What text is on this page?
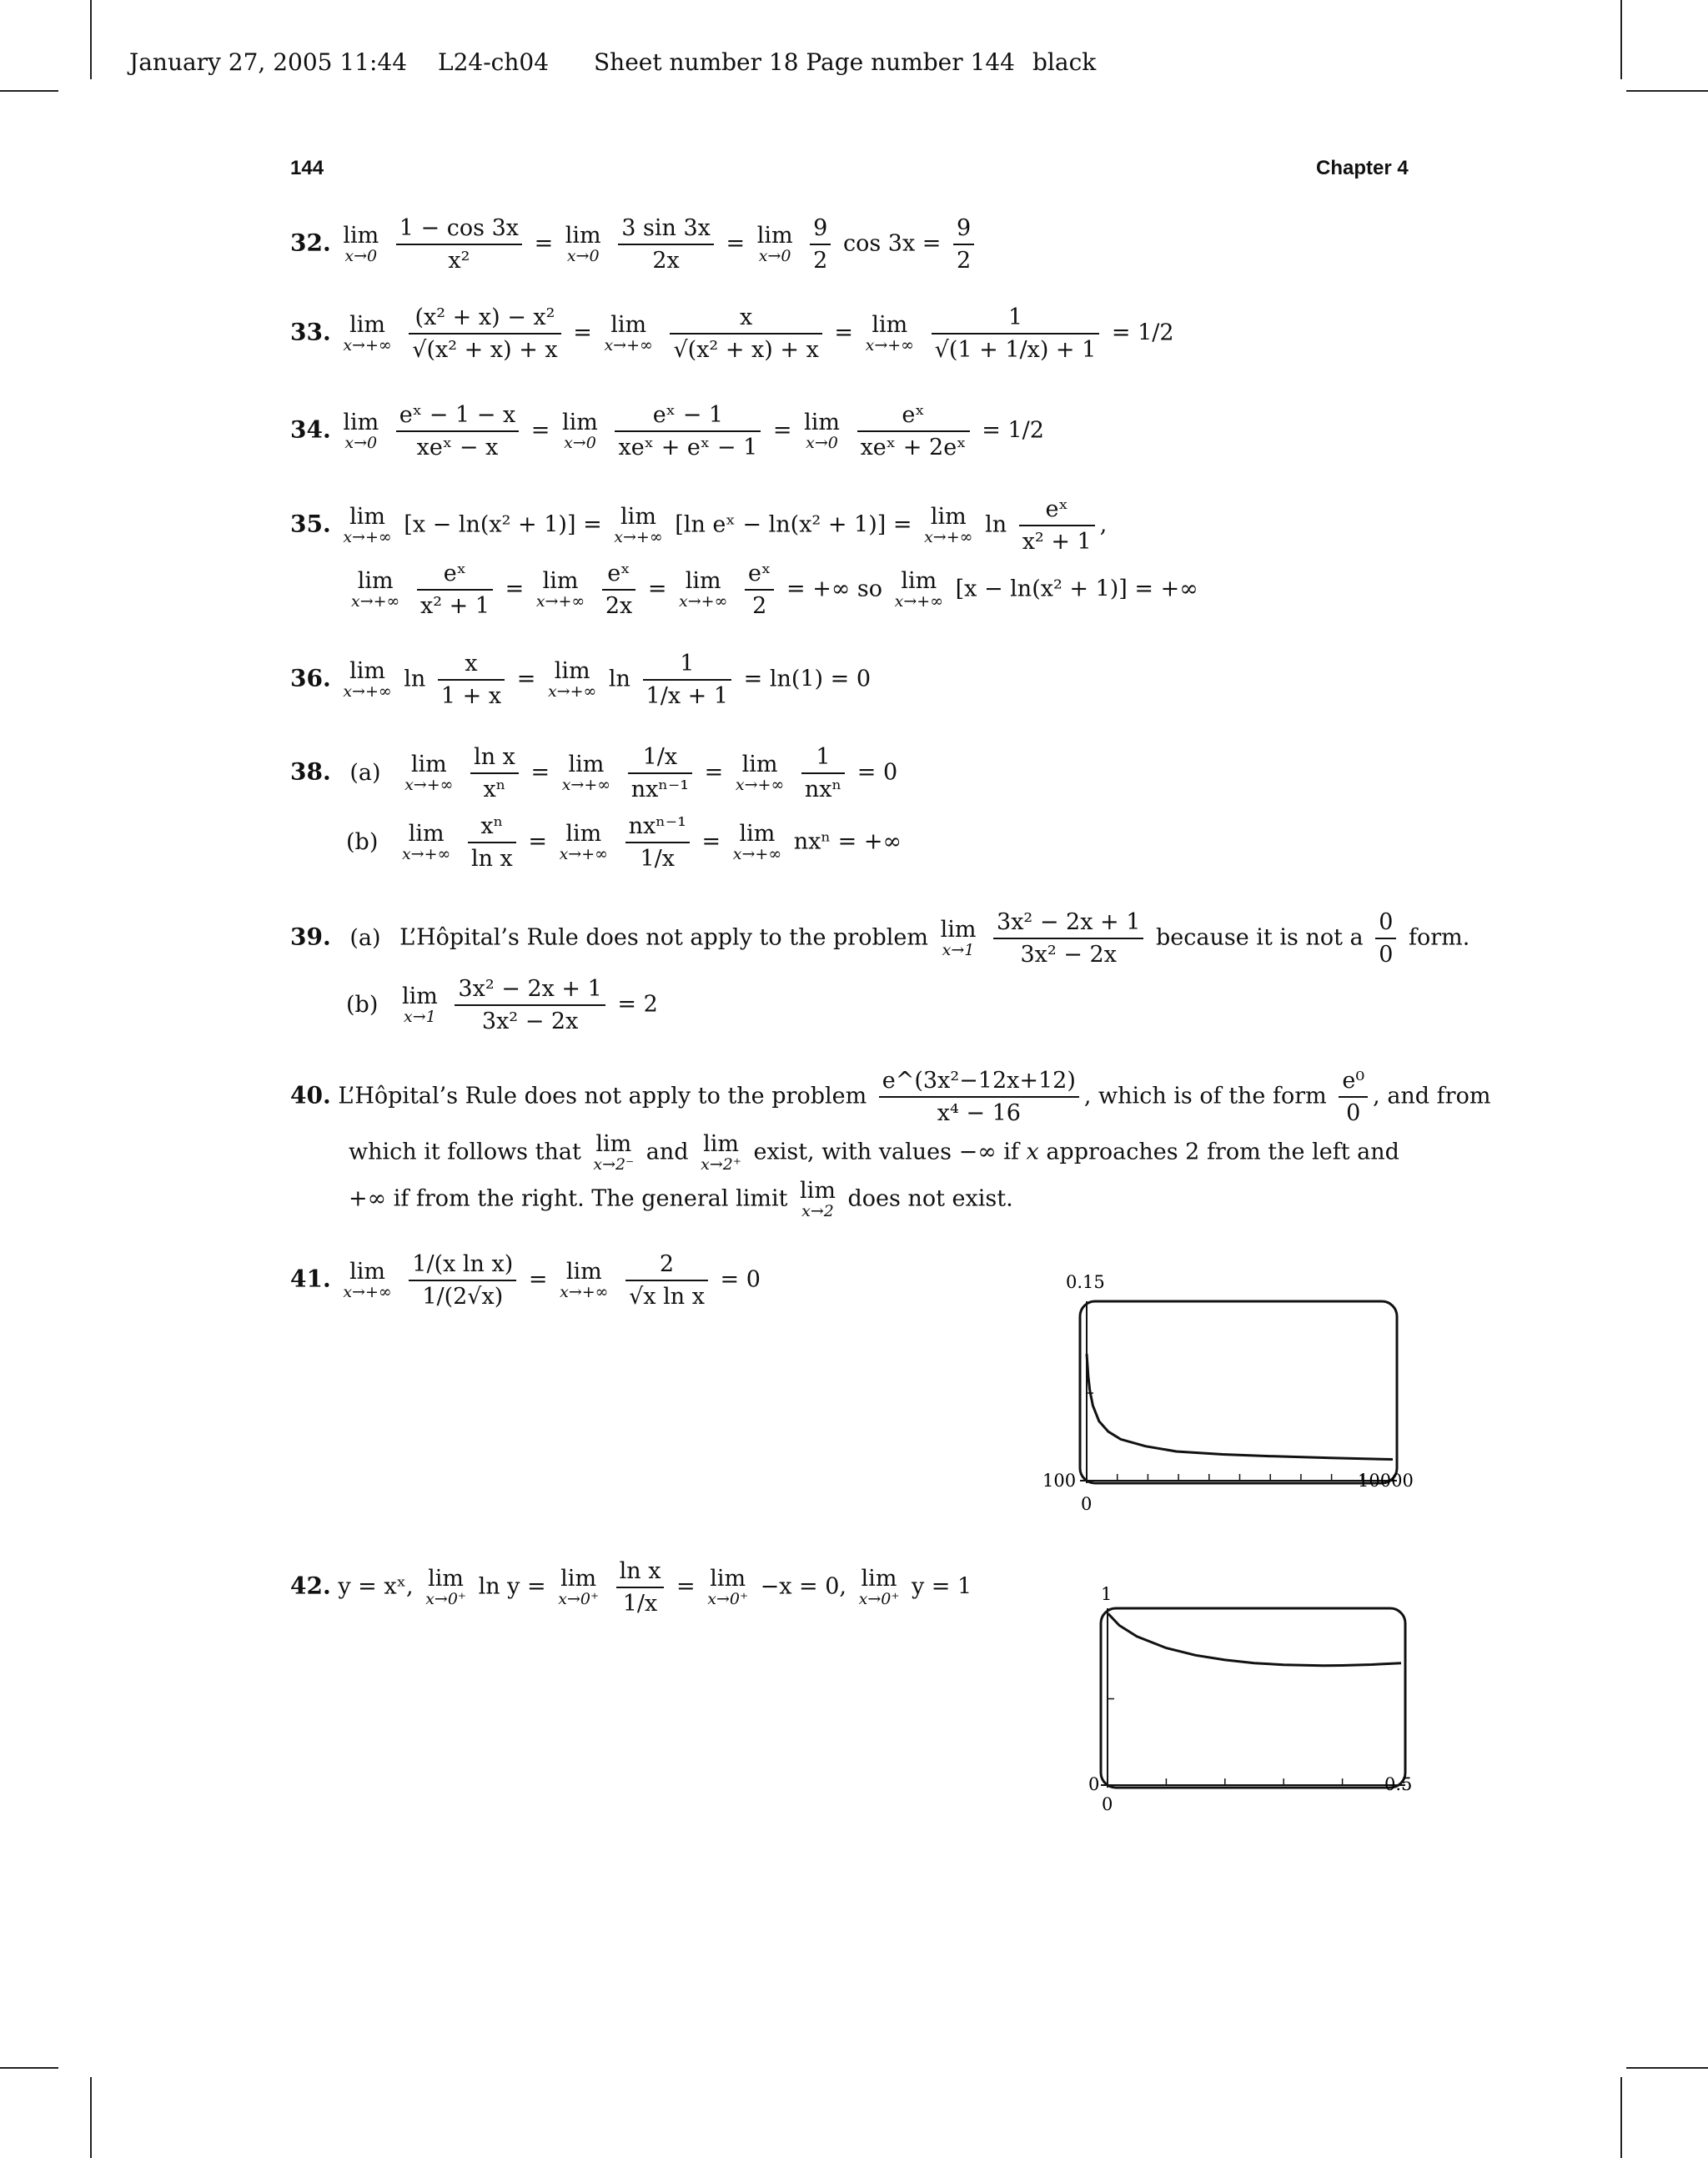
January 27, 2005 11:44 L24-ch04 Sheet number 18 Page number 144 black
144	Chapter 4
32. lim
x→0
$\frac{1 - \cos 3x}{\text{x²}} = \lim$
x→0
$\frac{3 \sin 3x}{2x} = \lim$
x→0
$\frac{9}{2}$ $\cos 3x = \frac{9}{2}$
33. lim
x→+∞
$\frac{\text{(x² + x) − x²}}{\text{√(x² + x) + x}} = \lim$
x→+∞
$\frac{x}{\text{√(x² + x) + x}} = \lim$
x→+∞
$\frac{1}{√(1 + 1/x) + 1} = 1/2$
34. lim
x→0
$\frac{\text{eˣ − 1 − x}}{\text{xeˣ − x}} = \lim$
x→0
$\frac{\text{eˣ − 1}}{\text{xeˣ + eˣ − 1}} = \lim$
x→0
$\frac{\text{eˣ}}{\text{xeˣ + 2eˣ}} = 1/2$
35. lim
x→+∞ [x − ln(x² + 1)] = lim
x→+∞ [ln eˣ − ln(x² + 1)] = lim
x→+∞ $\ln \frac{\text{eˣ}}{\text{x² + 1}}$ ,
lim
x→+∞
$\frac{\text{eˣ}}{\text{x² + 1}} = \lim$
x→+∞
$\frac{\text{eˣ}}{2x} = \lim$
x→+∞
$\frac{\text{eˣ}}{2}$ = +∞ so lim
x→+∞ [x − ln(x² + 1)] = +∞
36. lim
x→+∞ $\ln \frac{x}{1 + x} = \lim$
x→+∞ $\ln \frac{1}{1/x + 1} = \ln(1) = 0$
38. (a) lim
x→+∞
$\frac{\text{ln x}}{\text{xⁿ}} = \lim$
x→+∞
$\frac{1/x}{\text{nxⁿ⁻¹}} = \lim$
x→+∞
$\frac{1}{\text{nxⁿ}} = 0$
(b) lim
x→+∞
$\frac{\text{xⁿ}}{\text{ln x}} = \lim$
x→+∞
$\frac{\text{nxⁿ⁻¹}}{1/x} = \lim$
x→+∞ nxⁿ = +∞
39. (a) L’Hôpital’s Rule does not apply to the problem lim
x→1
$\frac{\text{3x² − 2x + 1}}{\text{3x² − 2x}}$ because it is not a $\frac{0}{0}$ form.
(b) lim
x→1
$\frac{\text{3x² − 2x + 1}}{\text{3x² − 2x}} = 2$
40. L’Hôpital’s Rule does not apply to the problem $\frac{\text{e\textasciicircum{}(3x²−12x+12)}}{\text{x⁴ − 16}}$ , which is of the form $\frac{\text{e⁰}}{0}$ , and from
which it follows that lim
x→2⁻ and lim
x→2⁺ exist, with values −∞ if x approaches 2 from the left and
+∞ if from the right. The general limit lim
x→2 does not exist.
41. lim
x→+∞
$\frac{\text{1/(x ln x)}}{1/(2√x)} = \lim$
x→+∞
$\frac{2}{\text{√x ln x}} = 0$
42. y = xˣ, lim
x→0⁺ ln y = lim
x→0⁺
$\frac{\text{ln x}}{1/x} = \lim$
x→0⁺ −x = 0, lim
x→0⁺ y = 1
0.15
100
0
10000
1
0
0
0.5
